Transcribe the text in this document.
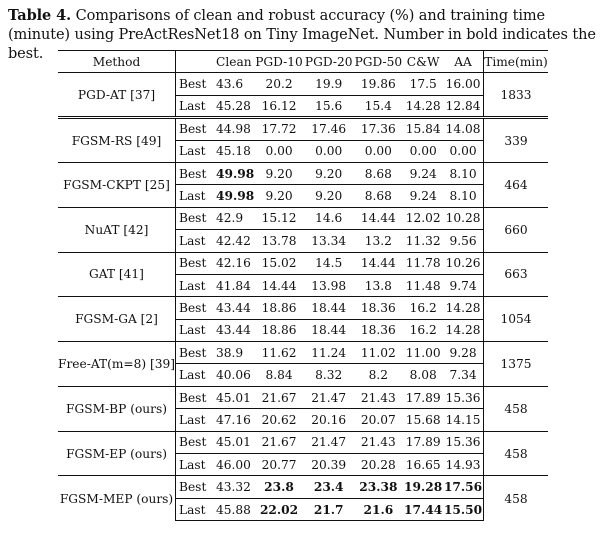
Table 4. Comparisons of clean and robust accuracy (%) and training time (minute) using PreActResNet18 on Tiny ImageNet. Number in bold indicates the best.	Method		Clean	PGD-10	PGD-20	PGD-50	C&W	AA	Time(min)
PGD-AT [37]	Best	43.6	20.2	19.9	19.86	17.5	16.00	1833
	Last	45.28	16.12	15.6	15.4	14.28	12.84	
FGSM-RS [49]	Best	44.98	17.72	17.46	17.36	15.84	14.08	339
	Last	45.18	0.00	0.00	0.00	0.00	0.00	
FGSM-CKPT [25]	Best	49.98	9.20	9.20	8.68	9.24	8.10	464
	Last	49.98	9.20	9.20	8.68	9.24	8.10	
NuAT [42]	Best	42.9	15.12	14.6	14.44	12.02	10.28	660
	Last	42.42	13.78	13.34	13.2	11.32	9.56	
GAT [41]	Best	42.16	15.02	14.5	14.44	11.78	10.26	663
	Last	41.84	14.44	13.98	13.8	11.48	9.74	
FGSM-GA [2]	Best	43.44	18.86	18.44	18.36	16.2	14.28	1054
	Last	43.44	18.86	18.44	18.36	16.2	14.28	
Free-AT(m=8) [39]	Best	38.9	11.62	11.24	11.02	11.00	9.28	1375
	Last	40.06	8.84	8.32	8.2	8.08	7.34	
FGSM-BP (ours)	Best	45.01	21.67	21.47	21.43	17.89	15.36	458
	Last	47.16	20.62	20.16	20.07	15.68	14.15	
FGSM-EP (ours)	Best	45.01	21.67	21.47	21.43	17.89	15.36	458
	Last	46.00	20.77	20.39	20.28	16.65	14.93	
FGSM-MEP (ours)	Best	43.32	23.8	23.4	23.38	19.28	17.56	458
	Last	45.88	22.02	21.7	21.6	17.44	15.50	
